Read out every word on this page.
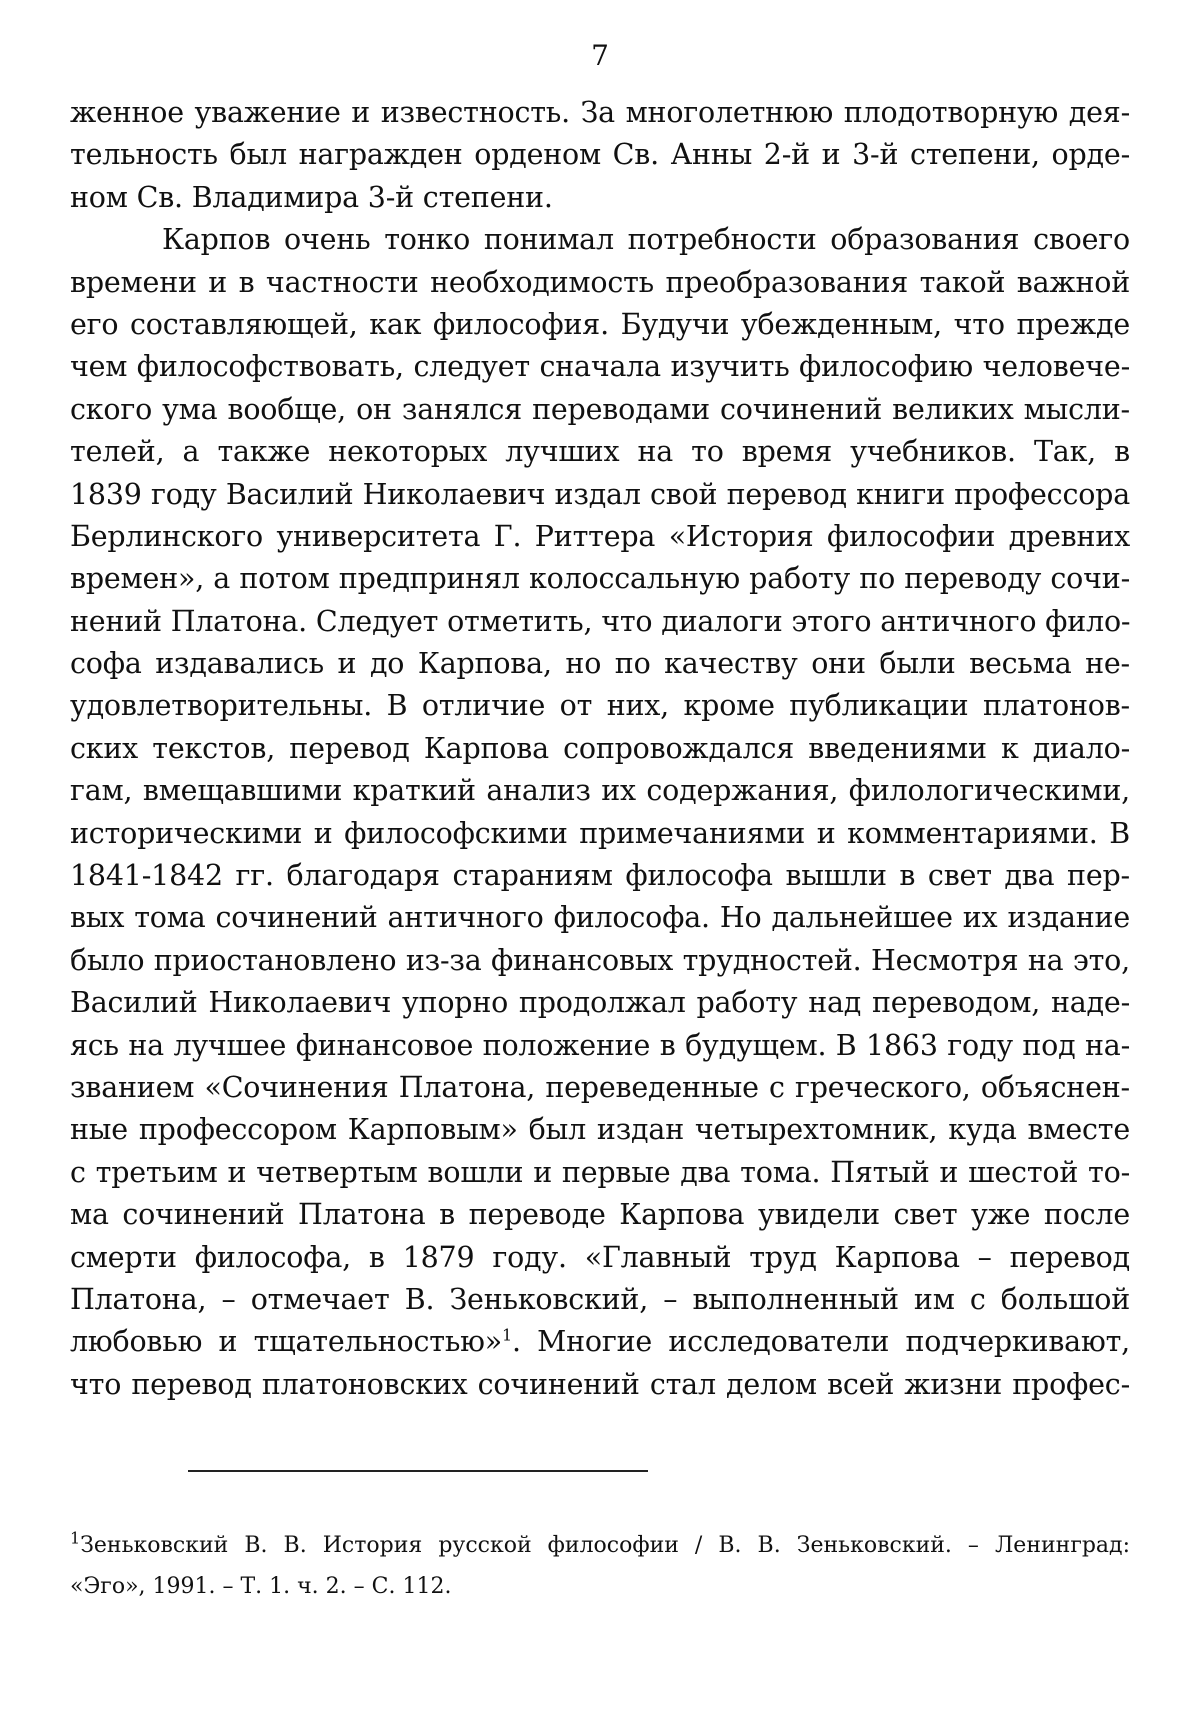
7
женное уважение и известность. За многолетнюю плодотворную дея-
тельность был награжден орденом Св. Анны 2-й и 3-й степени, орде-
ном Св. Владимира 3-й степени.
Карпов очень тонко понимал потребности образования своего
времени и в частности необходимость преобразования такой важной
его составляющей, как философия. Будучи убежденным, что прежде
чем философствовать, следует сначала изучить философию человече-
ского ума вообще, он занялся переводами сочинений великих мысли-
телей, а также некоторых лучших на то время учебников. Так, в
1839 году Василий Николаевич издал свой перевод книги профессора
Берлинского университета Г. Риттера «История философии древних
времен», а потом предпринял колоссальную работу по переводу сочи-
нений Платона. Следует отметить, что диалоги этого античного фило-
софа издавались и до Карпова, но по качеству они были весьма не-
удовлетворительны. В отличие от них, кроме публикации платонов-
ских текстов, перевод Карпова сопровождался введениями к диало-
гам, вмещавшими краткий анализ их содержания, филологическими,
историческими и философскими примечаниями и комментариями. В
1841-1842 гг. благодаря стараниям философа вышли в свет два пер-
вых тома сочинений античного философа. Но дальнейшее их издание
было приостановлено из-за финансовых трудностей. Несмотря на это,
Василий Николаевич упорно продолжал работу над переводом, наде-
ясь на лучшее финансовое положение в будущем. В 1863 году под на-
званием «Сочинения Платона, переведенные с греческого, объяснен-
ные профессором Карповым» был издан четырехтомник, куда вместе
с третьим и четвертым вошли и первые два тома. Пятый и шестой то-
ма сочинений Платона в переводе Карпова увидели свет уже после
смерти философа, в 1879 году. «Главный труд Карпова – перевод
Платона, – отмечает В. Зеньковский, – выполненный им с большой
любовью и тщательностью»$^1$. Многие исследователи подчеркивают,
что перевод платоновских сочинений стал делом всей жизни профес-
$^1$Зеньковский В. В. История русской философии / В. В. Зеньковский. – Ленинград:
«Эго», 1991. – Т. 1. ч. 2. – С. 112.
